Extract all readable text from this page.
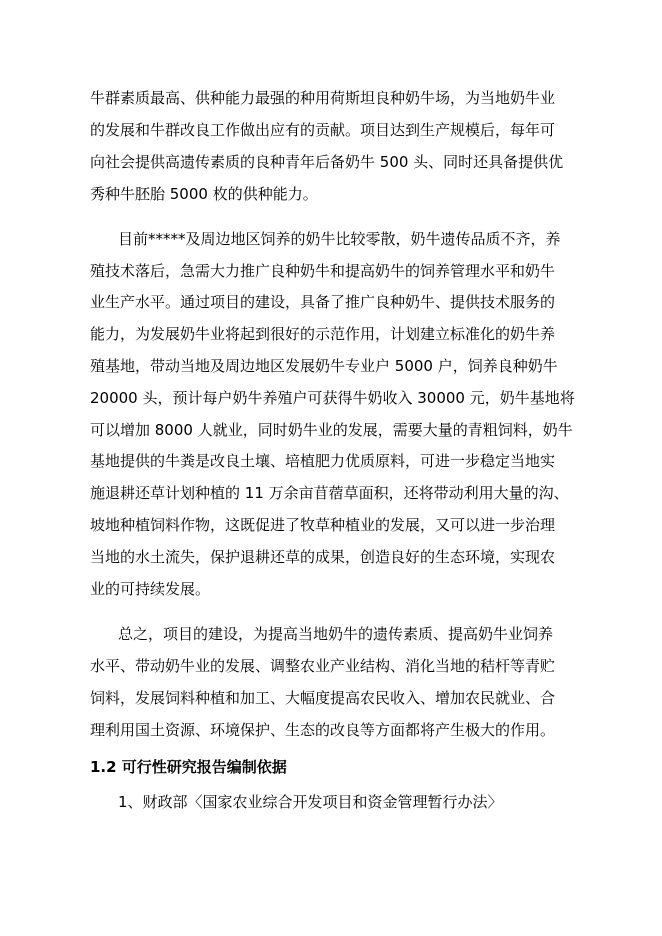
牛群素质最高、供种能力最强的种用荷斯坦良种奶牛场，为当地奶牛业
的发展和牛群改良工作做出应有的贡献。项目达到生产规模后，每年可
向社会提供高遗传素质的良种青年后备奶牛 500 头、同时还具备提供优
秀种牛胚胎 5000 枚的供种能力。
目前*****及周边地区饲养的奶牛比较零散，奶牛遗传品质不齐，养
殖技术落后，急需大力推广良种奶牛和提高奶牛的饲养管理水平和奶牛
业生产水平。通过项目的建设，具备了推广良种奶牛、提供技术服务的
能力，为发展奶牛业将起到很好的示范作用，计划建立标准化的奶牛养
殖基地，带动当地及周边地区发展奶牛专业户 5000 户，饲养良种奶牛
20000 头，预计每户奶牛养殖户可获得牛奶收入 30000 元，奶牛基地将
可以增加 8000 人就业，同时奶牛业的发展，需要大量的青粗饲料，奶牛
基地提供的牛粪是改良土壤、培植肥力优质原料，可进一步稳定当地实
施退耕还草计划种植的 11 万余亩苜蓿草面积，还将带动利用大量的沟、
坡地种植饲料作物，这既促进了牧草种植业的发展，又可以进一步治理
当地的水土流失，保护退耕还草的成果，创造良好的生态环境，实现农
业的可持续发展。
总之，项目的建设，为提高当地奶牛的遗传素质、提高奶牛业饲养
水平、带动奶牛业的发展、调整农业产业结构、消化当地的秸杆等青贮
饲料，发展饲料种植和加工、大幅度提高农民收入、增加农民就业、合
理利用国土资源、环境保护、生态的改良等方面都将产生极大的作用。
1.2 可行性研究报告编制依据
1、财政部〈国家农业综合开发项目和资金管理暂行办法〉
